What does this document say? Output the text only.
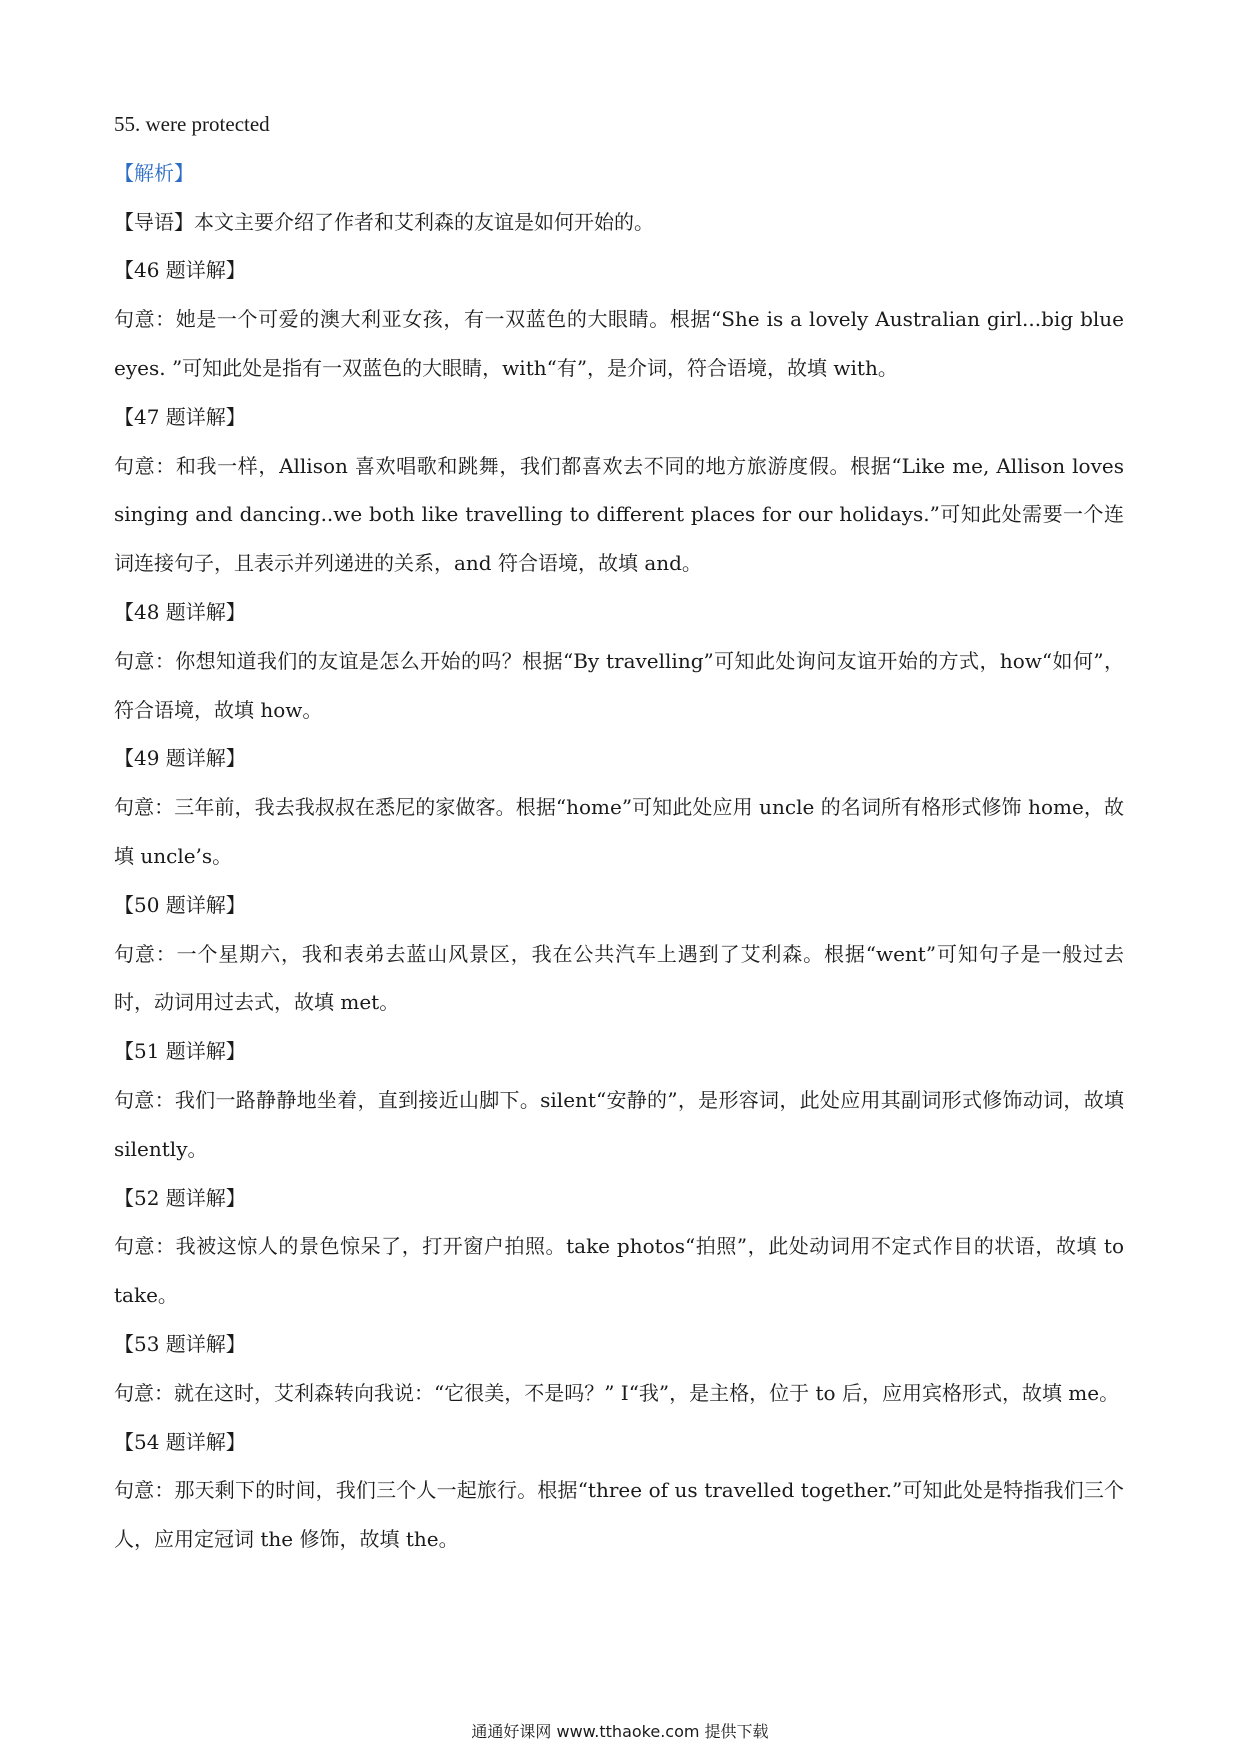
55. were protected

【解析】

【导语】本文主要介绍了作者和艾利森的友谊是如何开始的。

【46 题详解】

句意：她是一个可爱的澳大利亚女孩，有一双蓝色的大眼睛。根据“She is a lovely Australian girl...big blue eyes. ”可知此处是指有一双蓝色的大眼睛，with“有”，是介词，符合语境，故填 with。

【47 题详解】

句意：和我一样，Allison 喜欢唱歌和跳舞，我们都喜欢去不同的地方旅游度假。根据“Like me, Allison loves singing and dancing..we both like travelling to different places for our holidays.”可知此处需要一个连词连接句子，且表示并列递进的关系，and 符合语境，故填 and。

【48 题详解】

句意：你想知道我们的友谊是怎么开始的吗？根据“By travelling”可知此处询问友谊开始的方式，how“如何”，符合语境，故填 how。

【49 题详解】

句意：三年前，我去我叔叔在悉尼的家做客。根据“home”可知此处应用 uncle 的名词所有格形式修饰 home，故填 uncle’s。

【50 题详解】

句意：一个星期六，我和表弟去蓝山风景区，我在公共汽车上遇到了艾利森。根据“went”可知句子是一般过去时，动词用过去式，故填 met。

【51 题详解】

句意：我们一路静静地坐着，直到接近山脚下。silent“安静的”，是形容词，此处应用其副词形式修饰动词，故填 silently。

【52 题详解】

句意：我被这惊人的景色惊呆了，打开窗户拍照。take photos“拍照”，此处动词用不定式作目的状语，故填 to take。

【53 题详解】

句意：就在这时，艾利森转向我说：“它很美，不是吗？” I“我”，是主格，位于 to 后，应用宾格形式，故填 me。

【54 题详解】

句意：那天剩下的时间，我们三个人一起旅行。根据“three of us travelled together.”可知此处是特指我们三个人，应用定冠词 the 修饰，故填 the。

通通好课网 www.tthaoke.com 提供下载
